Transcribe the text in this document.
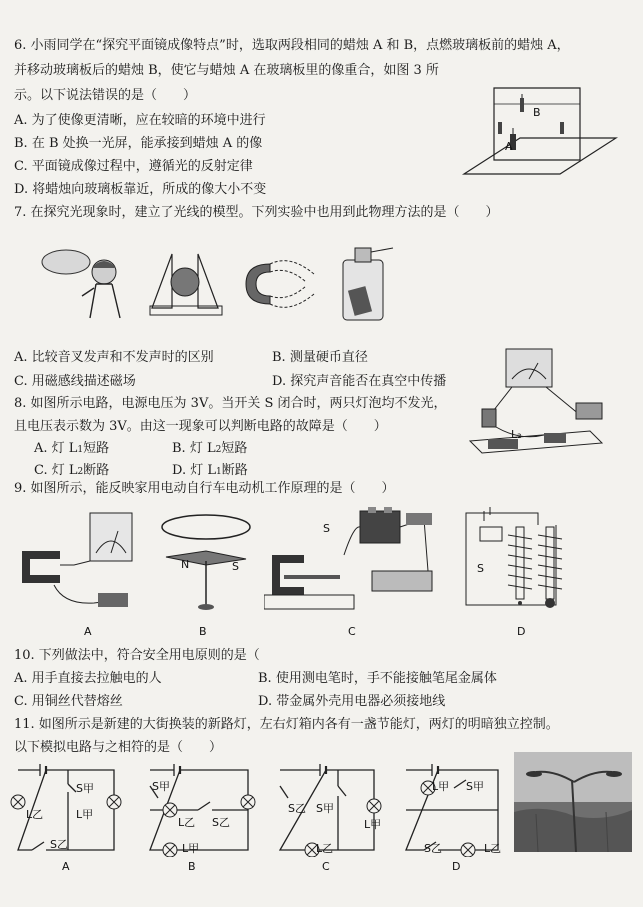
6. 小雨同学在“探究平面镜成像特点”时，选取两段相同的蜡烛 A 和 B，点燃玻璃板前的蜡烛 A，
并移动玻璃板后的蜡烛 B，使它与蜡烛 A 在玻璃板里的像重合，如图 3 所
示。以下说法错误的是（　　）
A. 为了使像更清晰，应在较暗的环境中进行
B. 在 B 处换一光屏，能承接到蜡烛 A 的像
C. 平面镜成像过程中，遵循光的反射定律
D. 将蜡烛向玻璃板靠近，所成的像大小不变
B
A
7. 在探究光现象时，建立了光线的模型。下列实验中也用到此物理方法的是（　　）
A. 比较音叉发声和不发声时的区别	B. 测量硬币直径
C. 用磁感线描述磁场	D. 探究声音能否在真空中传播
8. 如图所示电路，电源电压为 3V。当开关 S 闭合时，两只灯泡均不发光，
且电压表示数为 3V。由这一现象可以判断电路的故障是（　　）
A. 灯 L1短路	B. 灯 L2短路
C. 灯 L2断路	D. 灯 L1断路
L₂
9. 如图所示，能反映家用电动自行车电动机工作原理的是（　　）
N	S
S
S
A	B	C	D
10. 下列做法中，符合安全用电原则的是（
A. 用手直接去拉触电的人	B. 使用测电笔时，手不能接触笔尾金属体
C. 用铜丝代替熔丝	D. 带金属外壳用电器必须接地线
11. 如图所示是新建的大街换装的新路灯，左右灯箱内各有一盏节能灯，两灯的明暗独立控制。
以下模拟电路与之相符的是（　　）
S甲
L乙	L甲
S乙
A
S甲
L乙 S乙
L甲
B
S乙 S甲
L甲
L乙
C
L甲 S甲
S乙	L乙
D
